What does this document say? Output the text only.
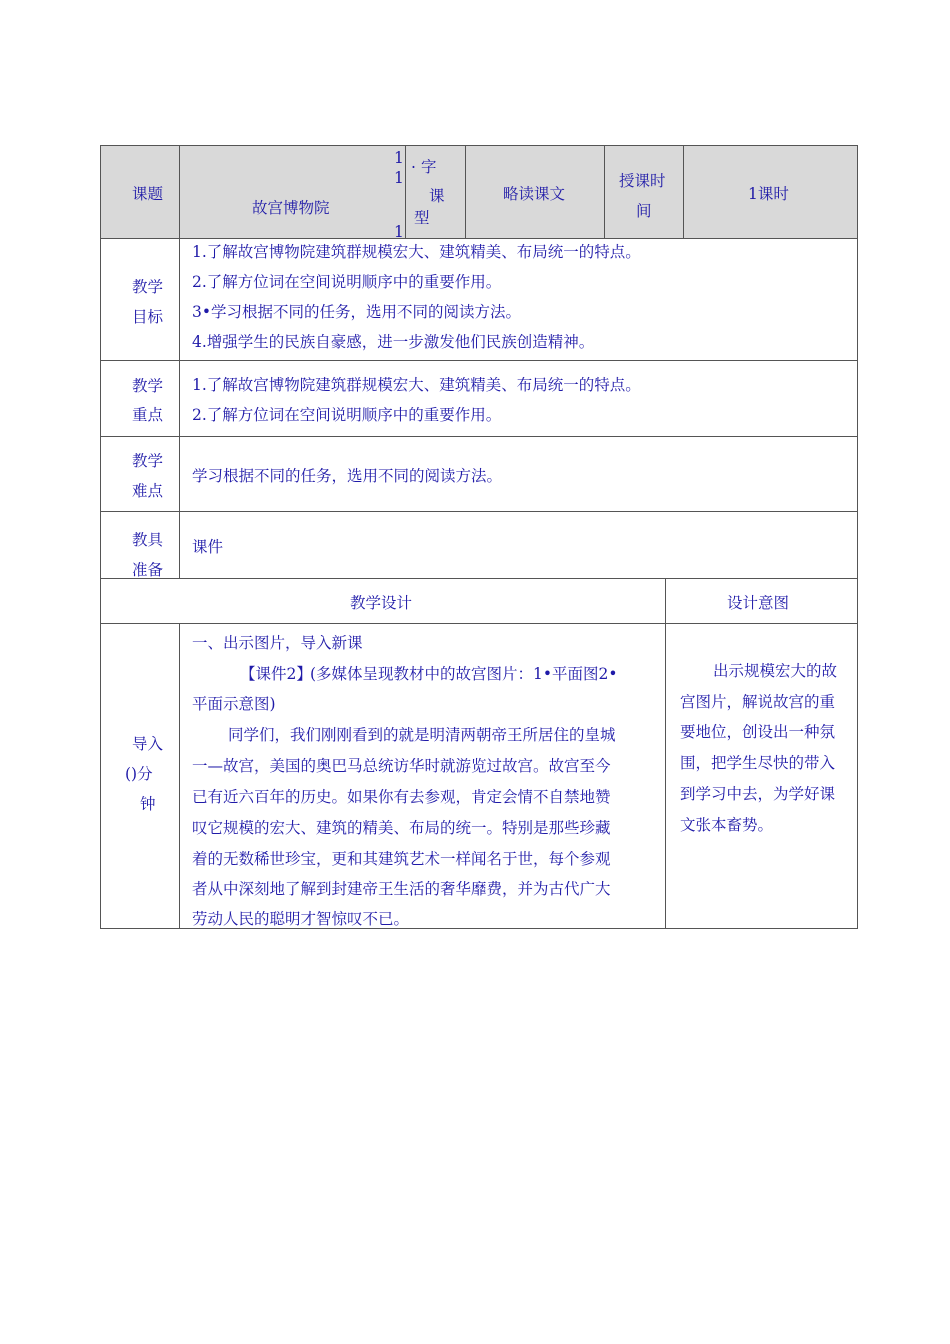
课题
故宫博物院
1
1
1
. 字
课
型
略读课文
授课时
间
1课时
教学
目标
1.了解故宫博物院建筑群规模宏大、建筑精美、布局统一的特点。
2.了解方位词在空间说明顺序中的重要作用。
3•学习根据不同的任务，选用不同的阅读方法。
4.增强学生的民族自豪感，进一步激发他们民族创造精神。
教学
重点
1.了解故宫博物院建筑群规模宏大、建筑精美、布局统一的特点。
2.了解方位词在空间说明顺序中的重要作用。
教学
难点
学习根据不同的任务，选用不同的阅读方法。
教具
准备
课件
教学设计	设计意图
导入
()分
钟
一、出示图片，导入新课
【课件2】
(多媒体呈现教材中的故宫图片：1•平面图2•
平面示意图)
同学们，我们刚刚看到的就是明清两朝帝王所居住的皇城
一—故宫，美国的奥巴马总统访华时就游览过故宫。故宫至今
已有近六百年的历史。如果你有去参观，肯定会情不自禁地赞
叹它规模的宏大、建筑的精美、布局的统一。特别是那些珍藏
着的无数稀世珍宝，更和其建筑艺术一样闻名于世，每个参观
者从中深刻地了解到封建帝王生活的奢华靡费，并为古代广大
劳动人民的聪明才智惊叹不已。
出示规模宏大的故
宫图片，解说故宫的重
要地位，创设出一种氛
围，把学生尽快的带入
到学习中去，为学好课
文张本畜势。
